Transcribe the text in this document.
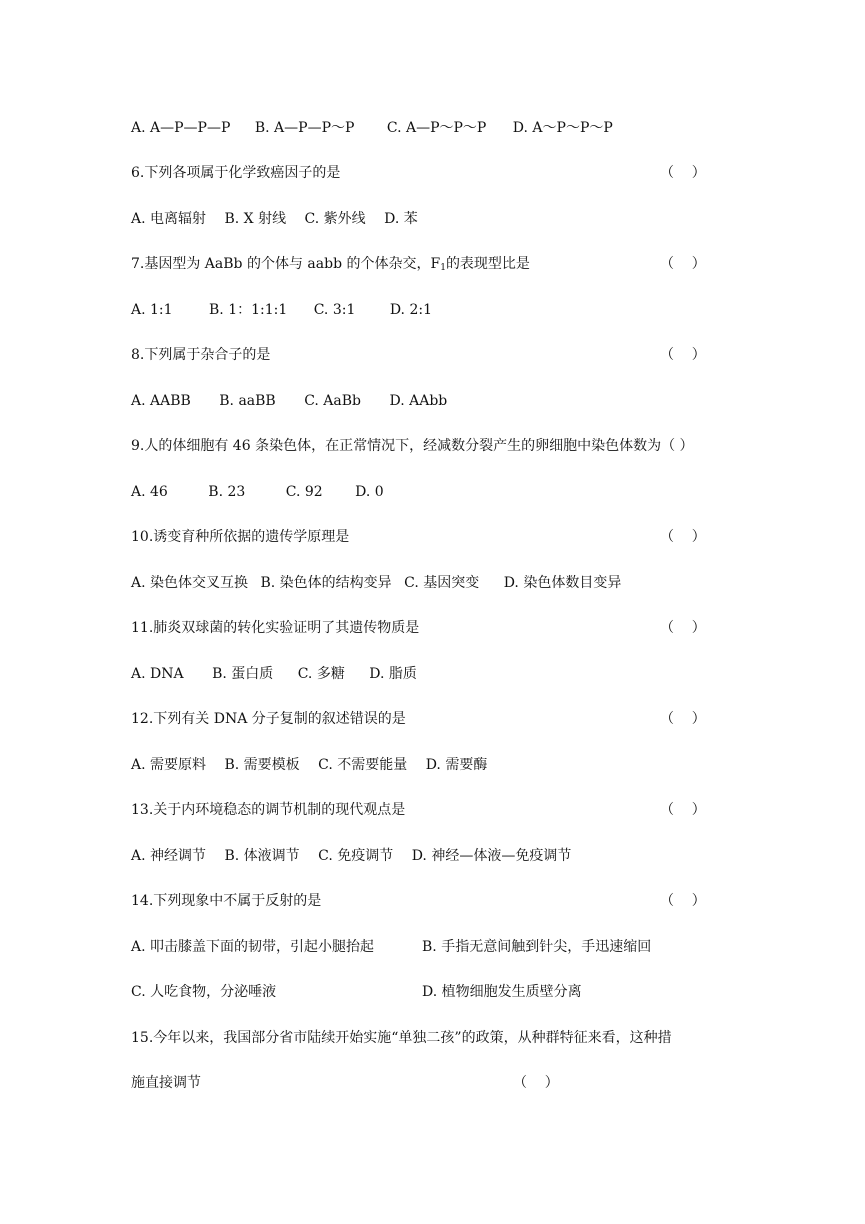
A. A—P—P—P B. A—P—P～P C. A—P～P～P D. A～P～P～P
6.下列各项属于化学致癌因子的是	（    ）
A. 电离辐射 B. X 射线 C. 紫外线 D. 苯
7.基因型为 AaBb 的个体与 aabb 的个体杂交，$F_1$的表现型比是	（    ）
A. 1:1	B. 1：1:1:1 C. 3:1 D. 2:1
8.下列属于杂合子的是	（    ）
A. AABB B. aaBB C. AaBb D. AAbb
9.人的体细胞有 46 条染色体，在正常情况下，经减数分裂产生的卵细胞中染色体数为（ ）
A. 46	B. 23	C. 92 D. 0
10.诱变育种所依据的遗传学原理是	（    ）
A. 染色体交叉互换 B. 染色体的结构变异 C. 基因突变 D. 染色体数目变异
11.肺炎双球菌的转化实验证明了其遗传物质是	（    ）
A. DNA B. 蛋白质 C. 多糖 D. 脂质
12.下列有关 DNA 分子复制的叙述错误的是	（    ）
A. 需要原料 B. 需要模板 C. 不需要能量 D. 需要酶
13.关于内环境稳态的调节机制的现代观点是	（    ）
A. 神经调节 B. 体液调节 C. 免疫调节 D. 神经—体液—免疫调节
14.下列现象中不属于反射的是	（    ）
A. 叩击膝盖下面的韧带，引起小腿抬起	B. 手指无意间触到针尖，手迅速缩回
C. 人吃食物，分泌唾液	D. 植物细胞发生质壁分离
15.今年以来，我国部分省市陆续开始实施“单独二孩”的政策，从种群特征来看，这种措
施直接调节	（    ）
